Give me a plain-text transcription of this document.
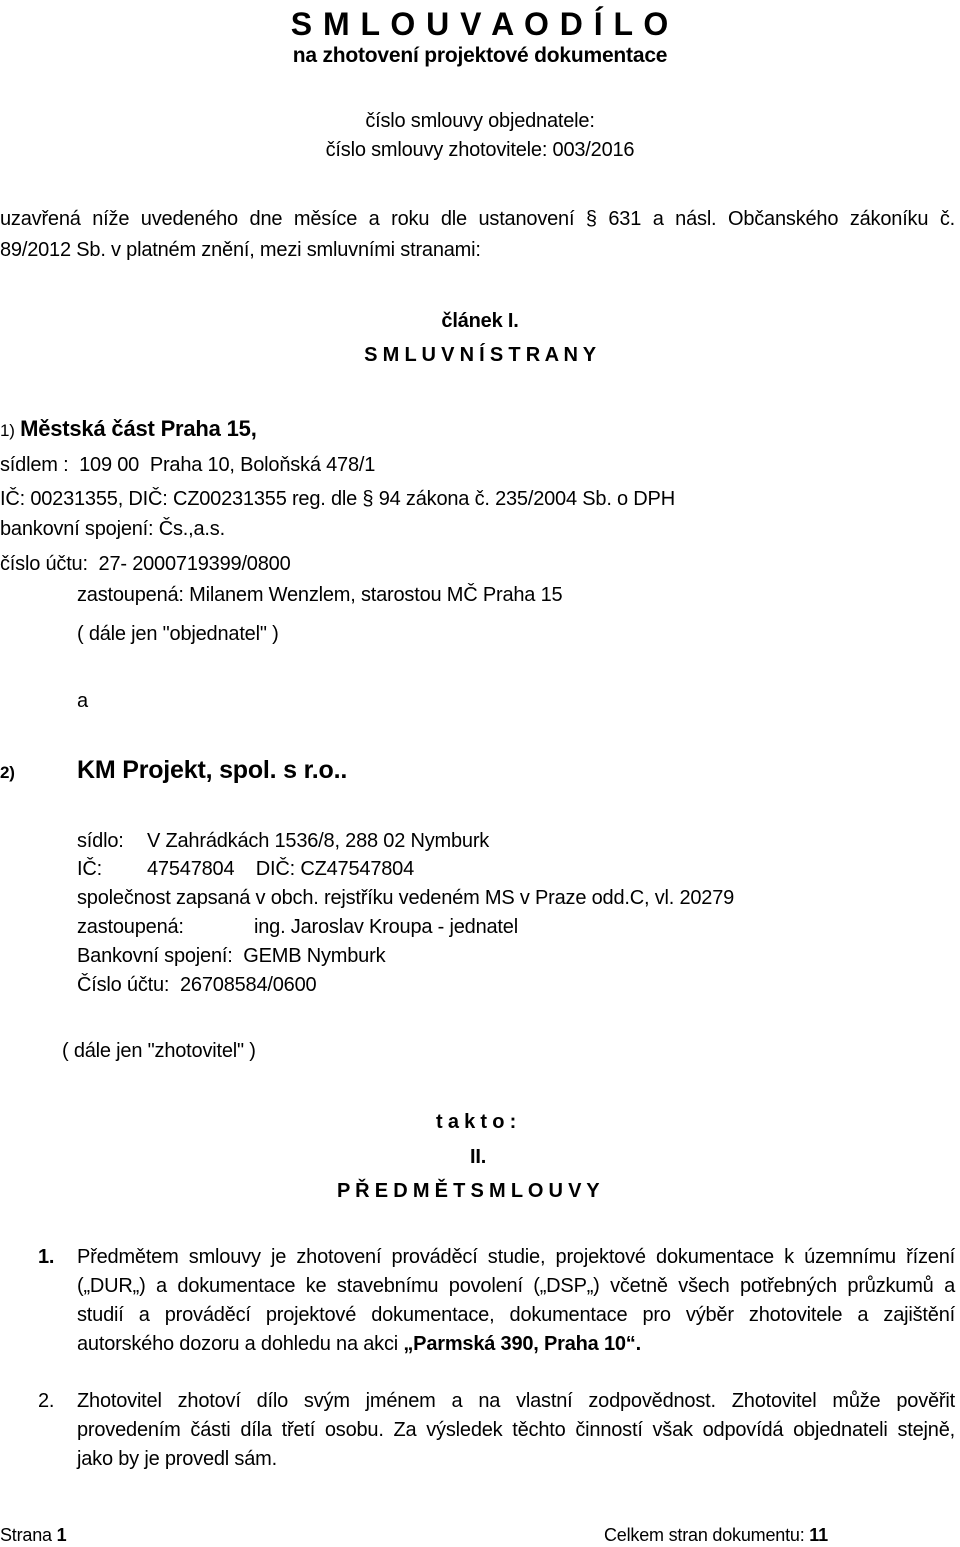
S M L O U V A O D Í L O
na zhotovení projektové dokumentace
číslo smlouvy objednatele:
číslo smlouvy zhotovitele: 003/2016
uzavřená níže uvedeného dne měsíce a roku dle ustanovení § 631 a násl. Občanského zákoníku č.
89/2012 Sb. v platném znění, mezi smluvními stranami:
článek I.
S M L U V N Í S T R A N Y
1) Městská část Praha 15,
sídlem :  109 00  Praha 10, Boloňská 478/1
IČ: 00231355, DIČ: CZ00231355 reg. dle § 94 zákona č. 235/2004 Sb. o DPH
bankovní spojení: Čs.,a.s.
číslo účtu:  27- 2000719399/0800
zastoupená: Milanem Wenzlem, starostou MČ Praha 15
( dále jen "objednatel" )
a
2) KM Projekt, spol. s r.o..
sídlo: V Zahrádkách 1536/8, 288 02 Nymburk
IČ: 47547804    DIČ: CZ47547804
společnost zapsaná v obch. rejstříku vedeném MS v Praze odd.C, vl. 20279
zastoupená:	ing. Jaroslav Kroupa - jednatel
Bankovní spojení:  GEMB Nymburk
Číslo účtu:  26708584/0600
( dále jen "zhotovitel" )
t a k t o :
II.
P Ř E D M Ě T S M L O U V Y
1. Předmětem smlouvy je zhotovení prováděcí studie, projektové dokumentace k územnímu řízení
(„DUR„) a dokumentace ke stavebnímu povolení („DSP„) včetně všech potřebných průzkumů a
studií a prováděcí projektové dokumentace, dokumentace pro výběr zhotovitele a zajištění
autorského dozoru a dohledu na akci „Parmská 390, Praha 10“.
2. Zhotovitel zhotoví dílo svým jménem a na vlastní zodpovědnost. Zhotovitel může pověřit
provedením části díla třetí osobu. Za výsledek těchto činností však odpovídá objednateli stejně,
jako by je provedl sám.
Strana 1	Celkem stran dokumentu: 11
